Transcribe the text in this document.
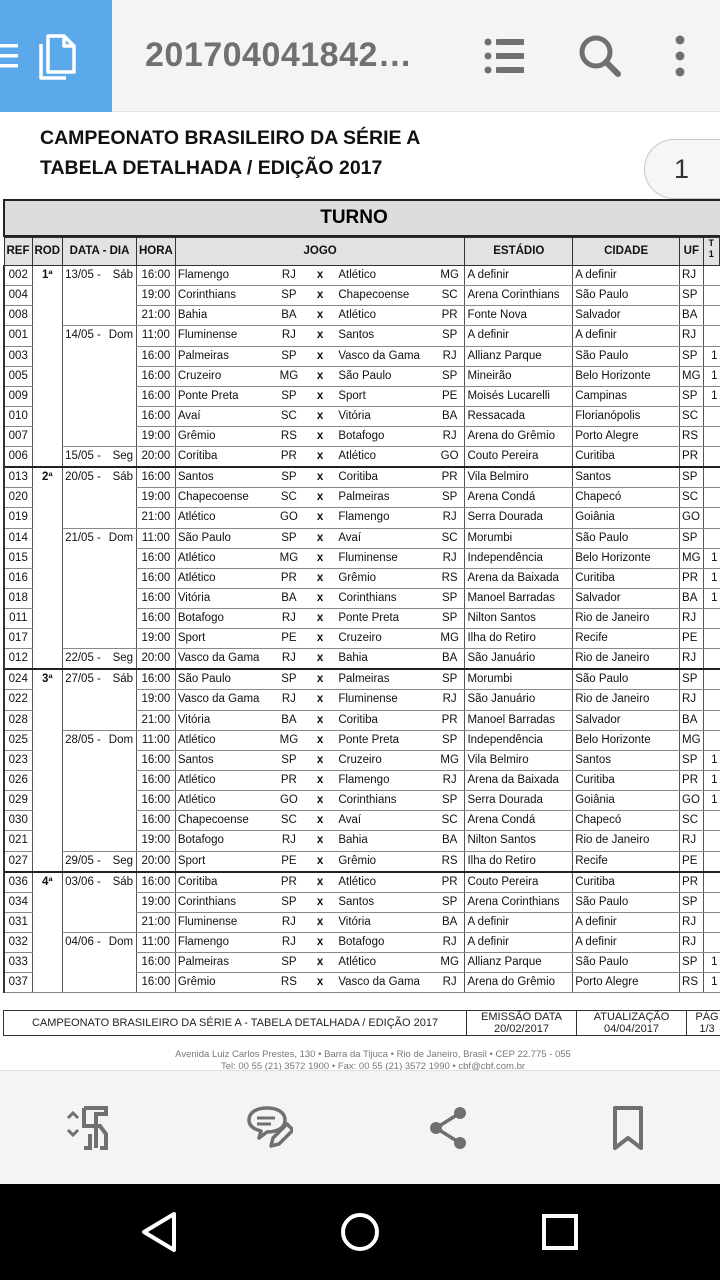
201704041842…
CAMPEONATO BRASILEIRO DA SÉRIE A
TABELA DETALHADA / EDIÇÃO 2017	1
TURNO
REF	ROD	DATA - DIA	HORA	JOGO					ESTÁDIO	CIDADE	UF	T
1
002	1ª	13/05 - Sáb	16:00	Flamengo	RJ	x	Atlético	MG	A definir	A definir	RJ	
004			19:00	Corinthians	SP	x	Chapecoense	SC	Arena Corinthians	São Paulo	SP	
008			21:00	Bahia	BA	x	Atlético	PR	Fonte Nova	Salvador	BA	
001		14/05 - Dom	11:00	Fluminense	RJ	x	Santos	SP	A definir	A definir	RJ	
003			16:00	Palmeiras	SP	x	Vasco da Gama	RJ	Allianz Parque	São Paulo	SP	1
005			16:00	Cruzeiro	MG	x	São Paulo	SP	Mineirão	Belo Horizonte	MG	1
009			16:00	Ponte Preta	SP	x	Sport	PE	Moisés Lucarelli	Campinas	SP	1
010			16:00	Avaí	SC	x	Vitória	BA	Ressacada	Florianópolis	SC	
007			19:00	Grêmio	RS	x	Botafogo	RJ	Arena do Grêmio	Porto Alegre	RS	
006		15/05 - Seg	20:00	Coritiba	PR	x	Atlético	GO	Couto Pereira	Curitiba	PR	
013	2ª	20/05 - Sáb	16:00	Santos	SP	x	Coritiba	PR	Vila Belmiro	Santos	SP	
020			19:00	Chapecoense	SC	x	Palmeiras	SP	Arena Condá	Chapecó	SC	
019			21:00	Atlético	GO	x	Flamengo	RJ	Serra Dourada	Goiânia	GO	
014		21/05 - Dom	11:00	São Paulo	SP	x	Avaí	SC	Morumbi	São Paulo	SP	
015			16:00	Atlético	MG	x	Fluminense	RJ	Independência	Belo Horizonte	MG	1
016			16:00	Atlético	PR	x	Grêmio	RS	Arena da Baixada	Curitiba	PR	1
018			16:00	Vitória	BA	x	Corinthians	SP	Manoel Barradas	Salvador	BA	1
011			16:00	Botafogo	RJ	x	Ponte Preta	SP	Nilton Santos	Rio de Janeiro	RJ	
017			19:00	Sport	PE	x	Cruzeiro	MG	Ilha do Retiro	Recife	PE	
012		22/05 - Seg	20:00	Vasco da Gama	RJ	x	Bahia	BA	São Januário	Rio de Janeiro	RJ	
024	3ª	27/05 - Sáb	16:00	São Paulo	SP	x	Palmeiras	SP	Morumbi	São Paulo	SP	
022			19:00	Vasco da Gama	RJ	x	Fluminense	RJ	São Januário	Rio de Janeiro	RJ	
028			21:00	Vitória	BA	x	Coritiba	PR	Manoel Barradas	Salvador	BA	
025		28/05 - Dom	11:00	Atlético	MG	x	Ponte Preta	SP	Independência	Belo Horizonte	MG	
023			16:00	Santos	SP	x	Cruzeiro	MG	Vila Belmiro	Santos	SP	1
026			16:00	Atlético	PR	x	Flamengo	RJ	Arena da Baixada	Curitiba	PR	1
029			16:00	Atlético	GO	x	Corinthians	SP	Serra Dourada	Goiânia	GO	1
030			16:00	Chapecoense	SC	x	Avaí	SC	Arena Condá	Chapecó	SC	
021			19:00	Botafogo	RJ	x	Bahia	BA	Nilton Santos	Rio de Janeiro	RJ	
027		29/05 - Seg	20:00	Sport	PE	x	Grêmio	RS	Ilha do Retiro	Recife	PE	
036	4ª	03/06 - Sáb	16:00	Coritiba	PR	x	Atlético	PR	Couto Pereira	Curitiba	PR	
034			19:00	Corinthians	SP	x	Santos	SP	Arena Corinthians	São Paulo	SP	
031			21:00	Fluminense	RJ	x	Vitória	BA	A definir	A definir	RJ	
032		04/06 - Dom	11:00	Flamengo	RJ	x	Botafogo	RJ	A definir	A definir	RJ	
033			16:00	Palmeiras	SP	x	Atlético	MG	Allianz Parque	São Paulo	SP	1
037			16:00	Grêmio	RS	x	Vasco da Gama	RJ	Arena do Grêmio	Porto Alegre	RS	1
CAMPEONATO BRASILEIRO DA SÉRIE A - TABELA DETALHADA / EDIÇÃO 2017	EMISSÃO DATA
20/02/2017
ATUALIZAÇÃO
04/04/2017
PÁG
1/3
Avenida Luiz Carlos Prestes, 130 • Barra da Tijuca • Rio de Janeiro, Brasil • CEP 22.775 - 055
Tel: 00 55 (21) 3572 1900 • Fax: 00 55 (21) 3572 1990 • cbf@cbf.com.br
